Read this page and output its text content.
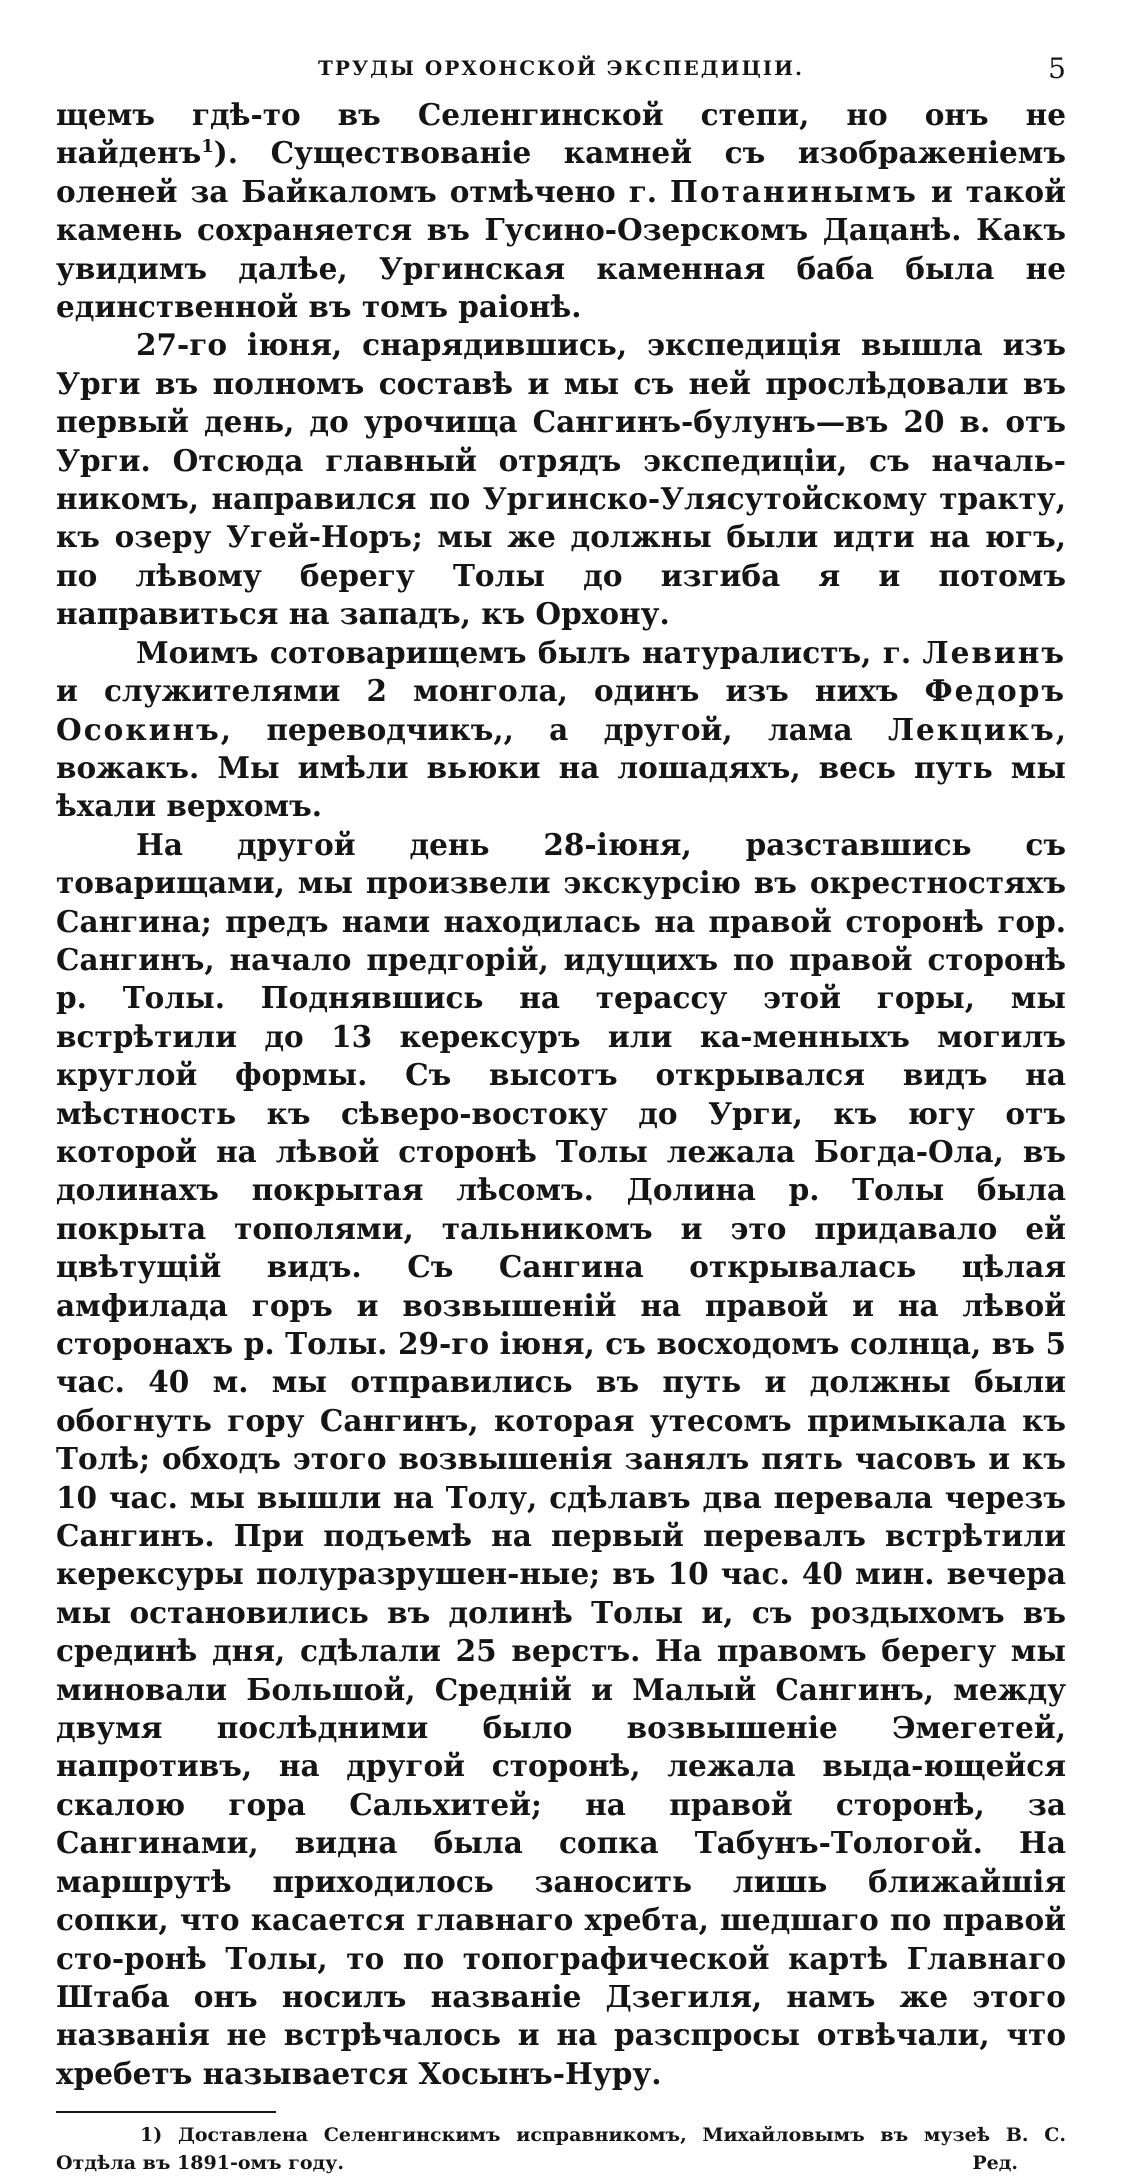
ТРУДЫ ОРХОНСКОЙ ЭКСПЕДИЦІИ.	5

щемъ гдѣ-то въ Селенгинской степи, но онъ не найденъ$^1$). Существованіе камней съ изображеніемъ оленей за Байкаломъ отмѣчено г. Потанинымъ и такой камень сохраняется въ Гусино-Озерскомъ Дацанѣ. Какъ увидимъ далѣе, Ургинская каменная баба была не единственной въ томъ раіонѣ.

27-го іюня, снарядившись, экспедиція вышла изъ Урги въ полномъ составѣ и мы съ ней прослѣдовали въ первый день, до урочища Сангинъ-булунъ—въ 20 в. отъ Урги. Отсюда главный отрядъ экспедиціи, съ началь-никомъ, направился по Ургинско-Улясутойскому тракту, къ озеру Угей-Норъ; мы же должны были идти на югъ, по лѣвому берегу Толы до изгиба я и потомъ направиться на западъ, къ Орхону.

Моимъ сотоварищемъ былъ натуралистъ, г. Левинъ и служителями 2 монгола, одинъ изъ нихъ Федоръ Осокинъ, переводчикъ,, а другой, лама Лекцикъ, вожакъ. Мы имѣли вьюки на лошадяхъ, весь путь мы ѣхали верхомъ.

На другой день 28-іюня, разставшись съ товарищами, мы произвели экскурсію въ окрестностяхъ Сангина; предъ нами находилась на правой сторонѣ гор. Сангинъ, начало предгорій, идущихъ по правой сторонѣ р. Толы. Поднявшись на терассу этой горы, мы встрѣтили до 13 керексуръ или ка-менныхъ могилъ круглой формы. Съ высотъ открывался видъ на мѣстность къ сѣверо-востоку до Урги, къ югу отъ которой на лѣвой сторонѣ Толы лежала Богда-Ола, въ долинахъ покрытая лѣсомъ. Долина р. Толы была покрыта тополями, тальникомъ и это придавало ей цвѣтущій видъ. Съ Сангина открывалась цѣлая амфилада горъ и возвышеній на правой и на лѣвой сторонахъ р. Толы. 29-го іюня, съ восходомъ солнца, въ 5 час. 40 м. мы отправились въ путь и должны были обогнуть гору Сангинъ, которая утесомъ примыкала къ Толѣ; обходъ этого возвышенія занялъ пять часовъ и къ 10 час. мы вышли на Толу, сдѣлавъ два перевала черезъ Сангинъ. При подъемѣ на первый перевалъ встрѣтили керексуры полуразрушен-ные; въ 10 час. 40 мин. вечера мы остановились въ долинѣ Толы и, съ роздыхомъ въ срединѣ дня, сдѣлали 25 верстъ. На правомъ берегу мы миновали Большой, Средній и Малый Сангинъ, между двумя послѣдними было возвышеніе Эмегетей, напротивъ, на другой сторонѣ, лежала выда-ющейся скалою гора Сальхитей; на правой сторонѣ, за Сангинами, видна была сопка Табунъ-Тологой. На маршрутѣ приходилось заносить лишь ближайшія сопки, что касается главнаго хребта, шедшаго по правой сто-ронѣ Толы, то по топографической картѣ Главнаго Штаба онъ носилъ названіе Дзегиля, намъ же этого названія не встрѣчалось и на разспросы отвѣчали, что хребетъ называется Хосынъ-Нуру.

1) Доставлена Селенгинскимъ исправникомъ, Михайловымъ въ музеѣ В. С. Отдѣла въ 1891-омъ году.	Ред.
